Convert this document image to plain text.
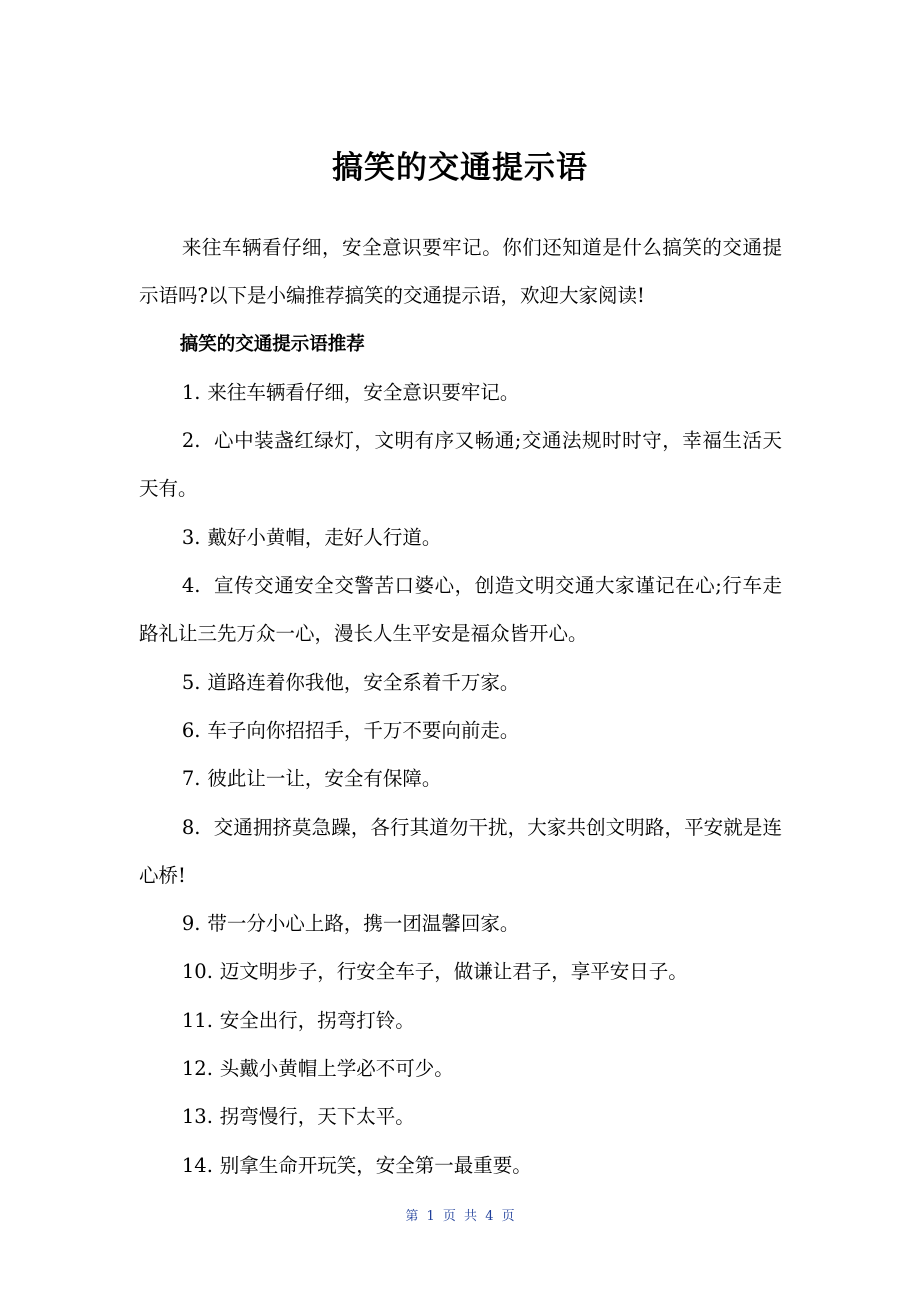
搞笑的交通提示语

来往车辆看仔细，安全意识要牢记。你们还知道是什么搞笑的交通提示语吗?以下是小编推荐搞笑的交通提示语，欢迎大家阅读!

搞笑的交通提示语推荐

1. 来往车辆看仔细，安全意识要牢记。

2. 心中装盏红绿灯，文明有序又畅通;交通法规时时守，幸福生活天天有。

3. 戴好小黄帽，走好人行道。

4. 宣传交通安全交警苦口婆心，创造文明交通大家谨记在心;行车走路礼让三先万众一心，漫长人生平安是福众皆开心。

5. 道路连着你我他，安全系着千万家。

6. 车子向你招招手，千万不要向前走。

7. 彼此让一让，安全有保障。

8. 交通拥挤莫急躁，各行其道勿干扰，大家共创文明路，平安就是连心桥!

9. 带一分小心上路，携一团温馨回家。

10. 迈文明步子，行安全车子，做谦让君子，享平安日子。

11. 安全出行，拐弯打铃。

12. 头戴小黄帽上学必不可少。

13. 拐弯慢行，天下太平。

14. 别拿生命开玩笑，安全第一最重要。

第 1 页 共 4 页
